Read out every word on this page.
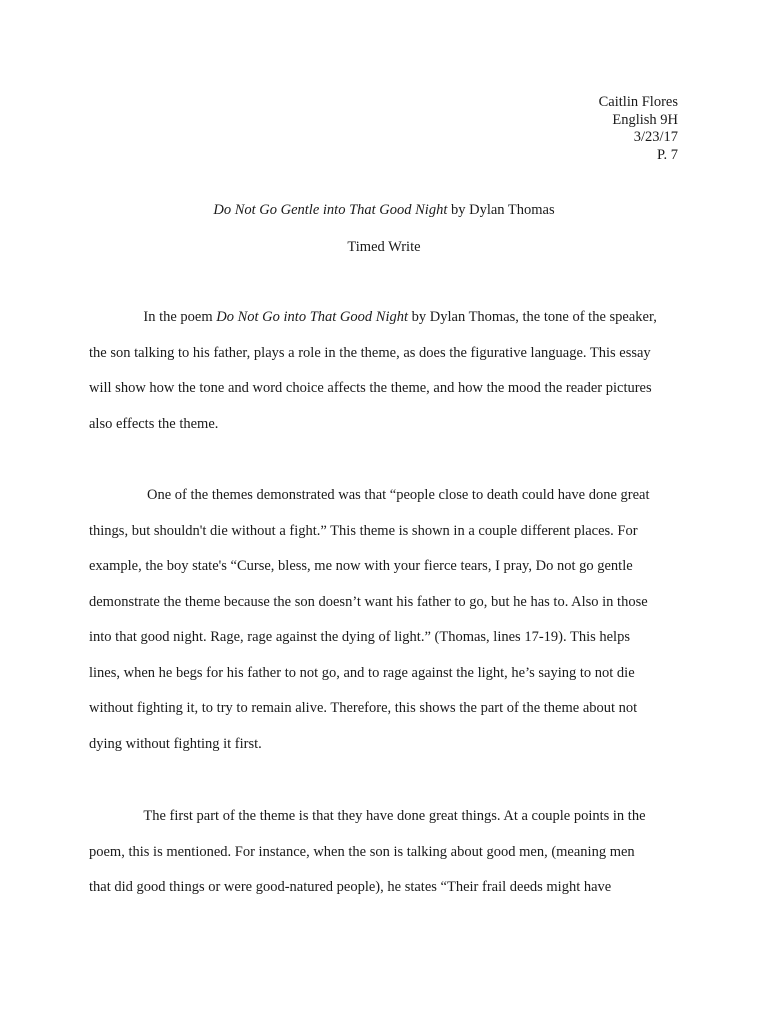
Caitlin Flores
English 9H
3/23/17
P. 7
Do Not Go Gentle into That Good Night by Dylan Thomas
Timed Write
In the poem Do Not Go into That Good Night by Dylan Thomas, the tone of the speaker,
the son talking to his father, plays a role in the theme, as does the figurative language. This essay
will show how the tone and word choice affects the theme, and how the mood the reader pictures
also effects the theme.
One of the themes demonstrated was that “people close to death could have done great
things, but shouldn't die without a fight.” This theme is shown in a couple different places. For
example, the boy state's “Curse, bless, me now with your fierce tears, I pray, Do not go gentle
demonstrate the theme because the son doesn’t want his father to go, but he has to. Also in those
into that good night. Rage, rage against the dying of light.” (Thomas, lines 17-19). This helps
lines, when he begs for his father to not go, and to rage against the light, he’s saying to not die
without fighting it, to try to remain alive. Therefore, this shows the part of the theme about not
dying without fighting it first.
The first part of the theme is that they have done great things. At a couple points in the
poem, this is mentioned. For instance, when the son is talking about good men, (meaning men
that did good things or were good-natured people), he states “Their frail deeds might have
